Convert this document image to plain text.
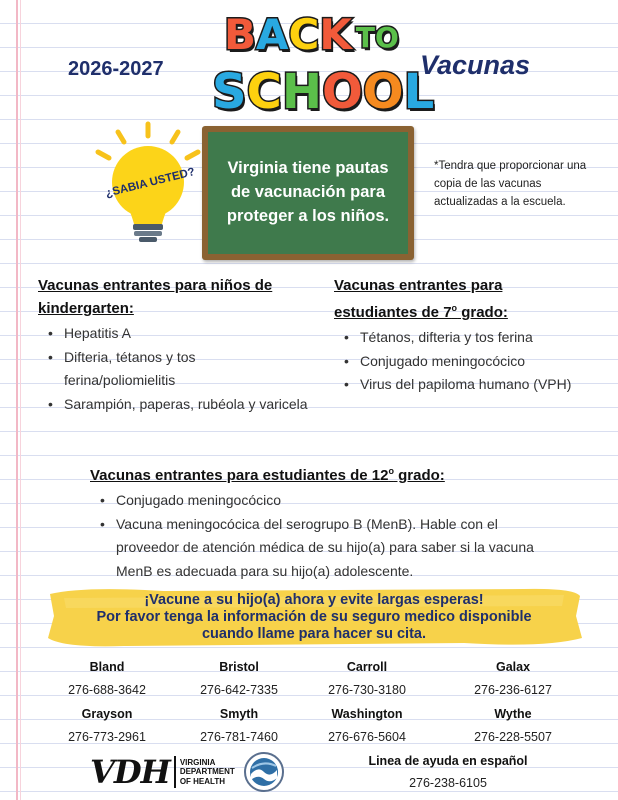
2026-2027	Vacunas
B A C K TO
S C H O O L
¿SABIA USTED?	Virginia tiene pautas de vacunación para proteger a los niños.
*Tendra que proporcionar una copia de las vacunas actualizadas a la escuela.
Vacunas entrantes para niños de
kindergarten:
• Hepatitis A
• Difteria, tétanos y tos ferina/poliomielitis
• Sarampión, paperas, rubéola y varicela
Vacunas entrantes para
estudiantes de 7$^o$ grado:
• Tétanos, difteria y tos ferina
• Conjugado meningocócico
• Virus del papiloma humano (VPH)
Vacunas entrantes para estudiantes de 12$^o$ grado:
• Conjugado meningocócico
• Vacuna meningocócica del serogrupo B (MenB). Hable con el proveedor de atención médica de su hijo(a) para saber si la vacuna MenB es adecuada para su hijo(a) adolescente.
¡Vacune a su hijo(a) ahora y evite largas esperas!
Por favor tenga la información de su seguro medico disponible
cuando llame para hacer su cita.
Bland
276-688-3642
Bristol
276-642-7335
Carroll
276-730-3180
Galax
276-236-6127
Grayson
276-773-2961
Smyth
276-781-7460
Washington
276-676-5604
Wythe
276-228-5507
VDH VIRGINIA
DEPARTMENT
OF HEALTH
Linea de ayuda en español
276-238-6105
